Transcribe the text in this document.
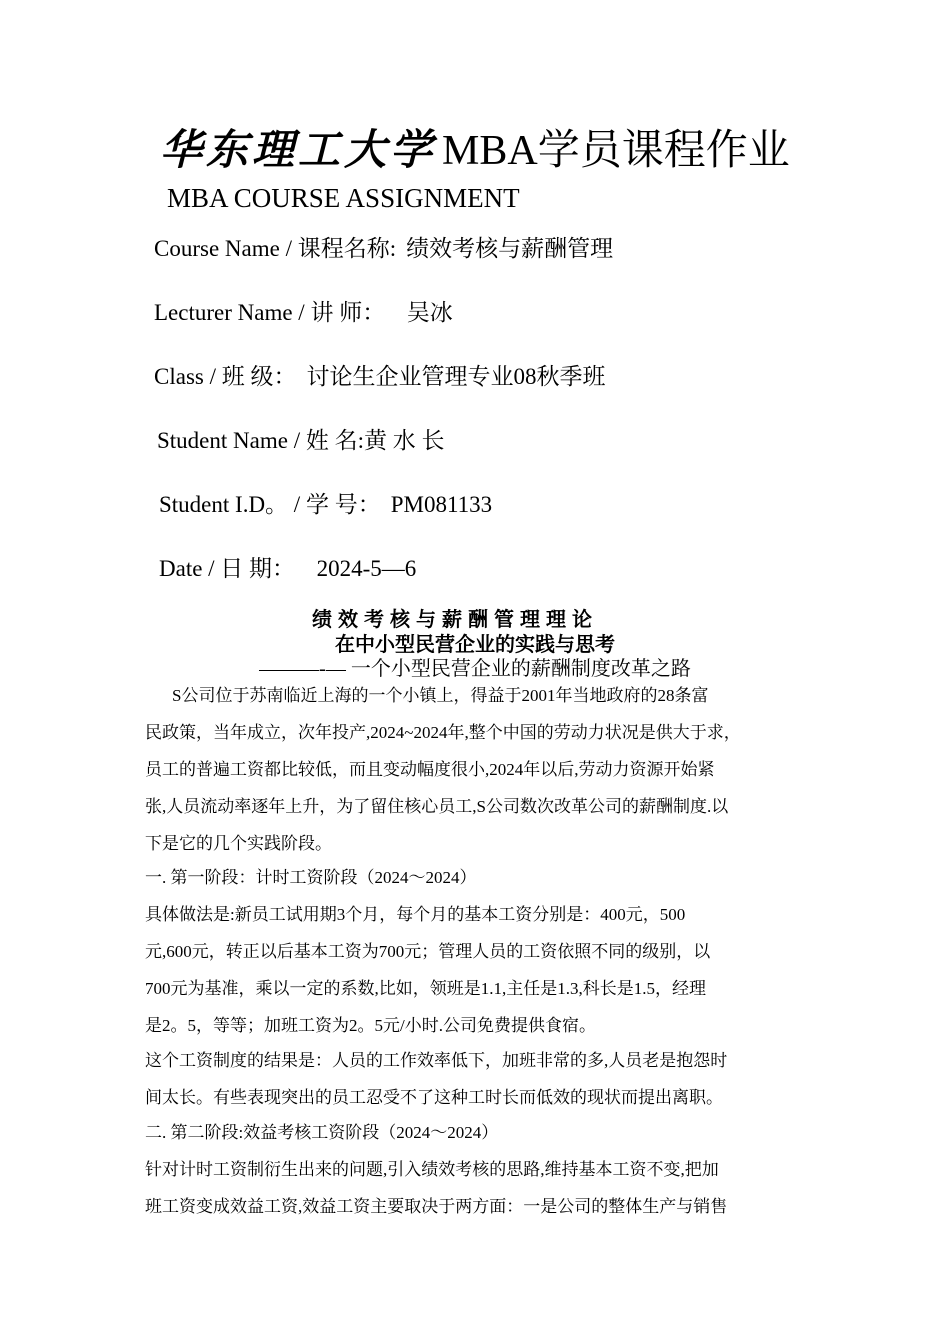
华东理工大学 MBA学员课程作业
MBA COURSE ASSIGNMENT
Course Name / 课程名称: 绩效考核与薪酬管理
Lecturer Name / 讲 师：  吴冰
Class / 班 级： 讨论生企业管理专业08秋季班
Student Name / 姓 名:黄 水 长
Student I.D。 / 学 号： PM081133
Date / 日 期：  2024-5—6
绩效考核与薪酬管理理论
在中小型民营企业的实践与思考
———-— 一个小型民营企业的薪酬制度改革之路
S公司位于苏南临近上海的一个小镇上，得益于2001年当地政府的28条富
民政策，当年成立，次年投产,2024~2024年,整个中国的劳动力状况是供大于求，
员工的普遍工资都比较低，而且变动幅度很小,2024年以后,劳动力资源开始紧
张,人员流动率逐年上升，为了留住核心员工,S公司数次改革公司的薪酬制度.以
下是它的几个实践阶段。
一. 第一阶段：计时工资阶段（2024～2024）
具体做法是:新员工试用期3个月，每个月的基本工资分别是：400元，500
元,600元，转正以后基本工资为700元；管理人员的工资依照不同的级别，以
700元为基准，乘以一定的系数,比如，领班是1.1,主任是1.3,科长是1.5，经理
是2。5，等等；加班工资为2。5元/小时.公司免费提供食宿。
这个工资制度的结果是：人员的工作效率低下，加班非常的多,人员老是抱怨时
间太长。有些表现突出的员工忍受不了这种工时长而低效的现状而提出离职。
二. 第二阶段:效益考核工资阶段（2024～2024）
针对计时工资制衍生出来的问题,引入绩效考核的思路,维持基本工资不变,把加
班工资变成效益工资,效益工资主要取决于两方面：一是公司的整体生产与销售
